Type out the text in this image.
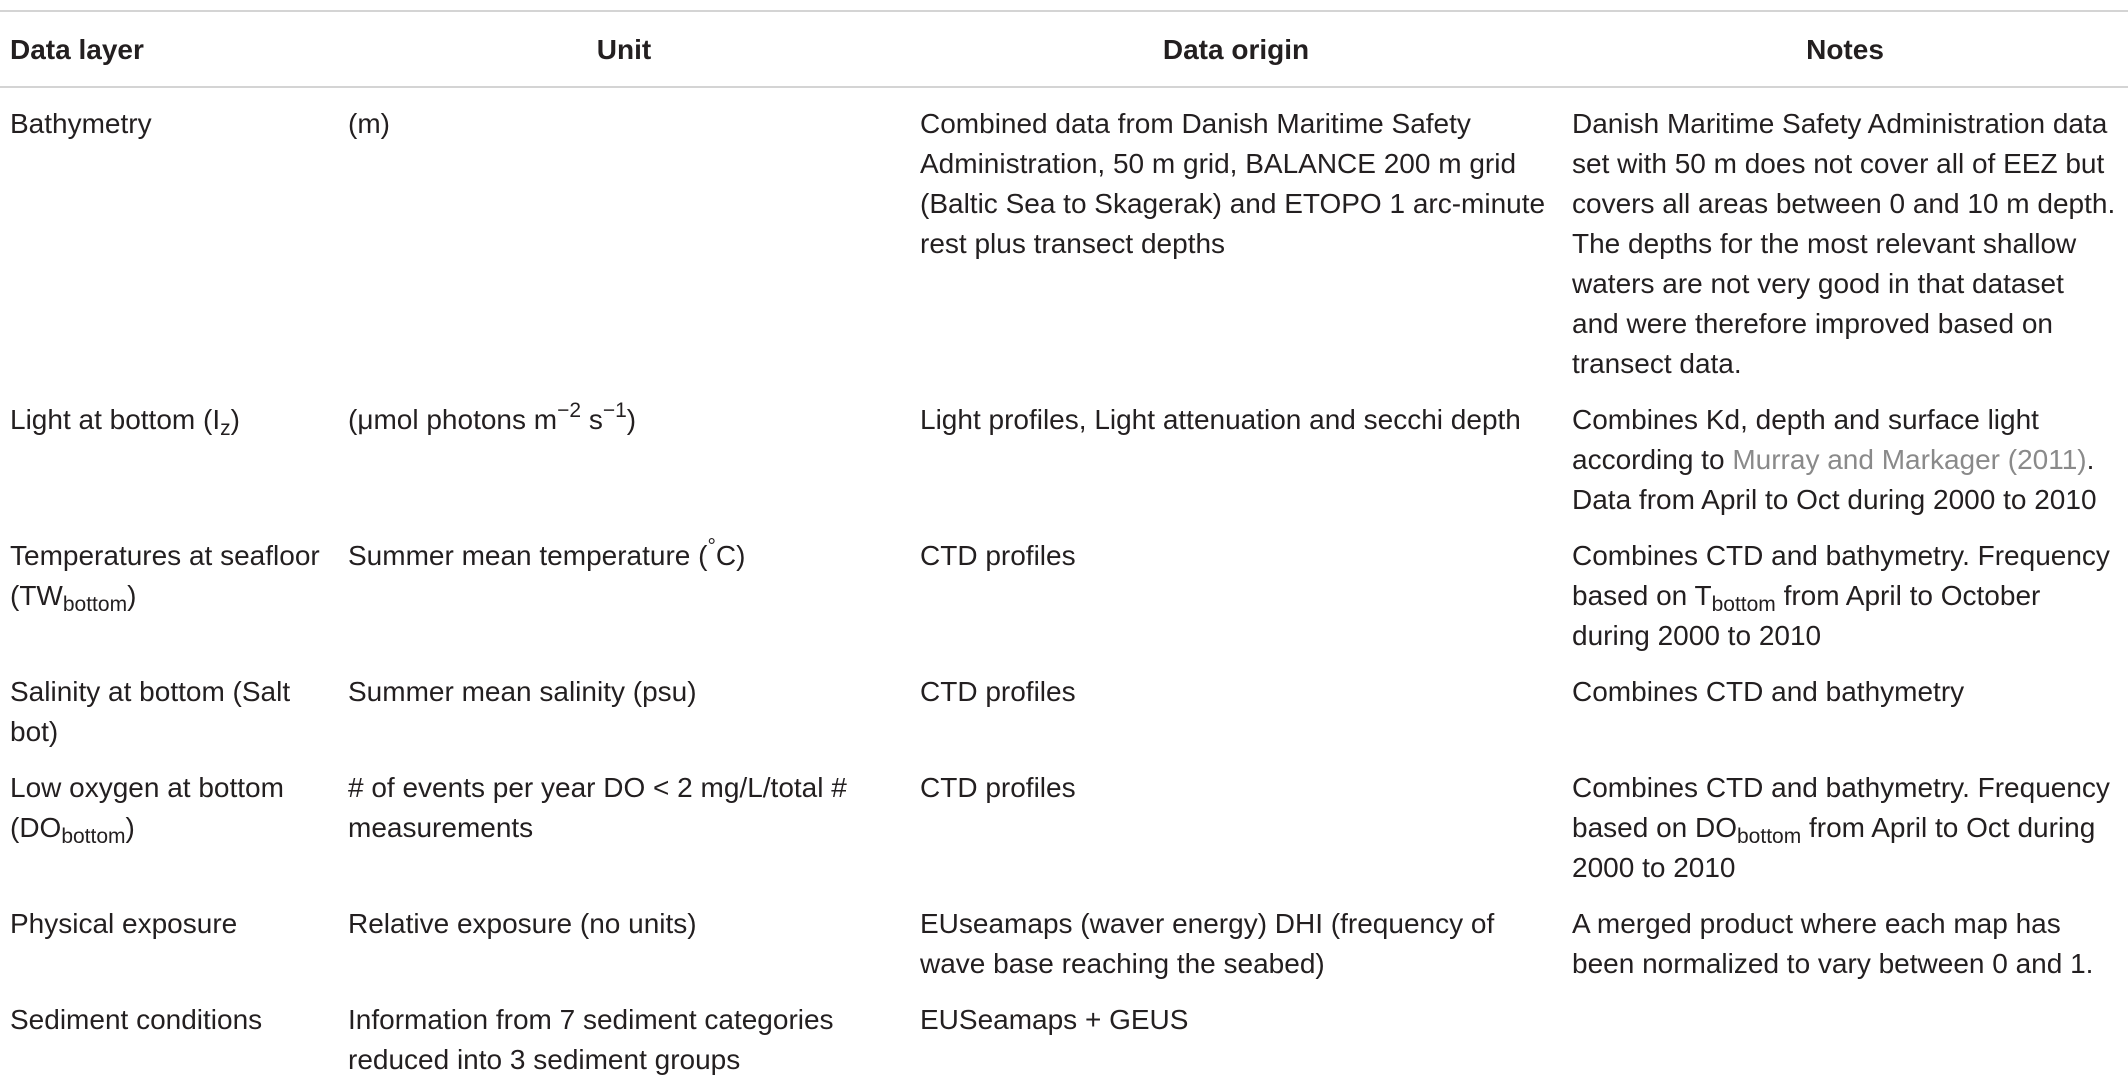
Data layer	Unit	Data origin	Notes
Bathymetry	(m)	Combined data from Danish Maritime Safety Administration, 50 m grid, BALANCE 200 m grid (Baltic Sea to Skagerak) and ETOPO 1 arc-minute rest plus transect depths	Danish Maritime Safety Administration data set with 50 m does not cover all of EEZ but covers all areas between 0 and 10 m depth. The depths for the most relevant shallow waters are not very good in that dataset and were therefore improved based on transect data.
Light at bottom $(I_z)$	(μmol photons $m^{-2}$ $s^{-1}$)	Light profiles, Light attenuation and secchi depth	Combines Kd, depth and surface light according to Murray and Markager (2011). Data from April to Oct during 2000 to 2010
Temperatures at seafloor $(TW_{bottom})$	Summer mean temperature (°C)	CTD profiles	Combines CTD and bathymetry. Frequency based on $T_{bottom}$ from April to October during 2000 to 2010
Salinity at bottom (Salt bot)	Summer mean salinity (psu)	CTD profiles	Combines CTD and bathymetry
Low oxygen at bottom $(DO_{bottom})$	# of events per year DO < 2 mg/L/total # measurements	CTD profiles	Combines CTD and bathymetry. Frequency based on $DO_{bottom}$ from April to Oct during 2000 to 2010
Physical exposure	Relative exposure (no units)	EUseamaps (waver energy) DHI (frequency of wave base reaching the seabed)	A merged product where each map has been normalized to vary between 0 and 1.
Sediment conditions	Information from 7 sediment categories reduced into 3 sediment groups	EUSeamaps + GEUS	
